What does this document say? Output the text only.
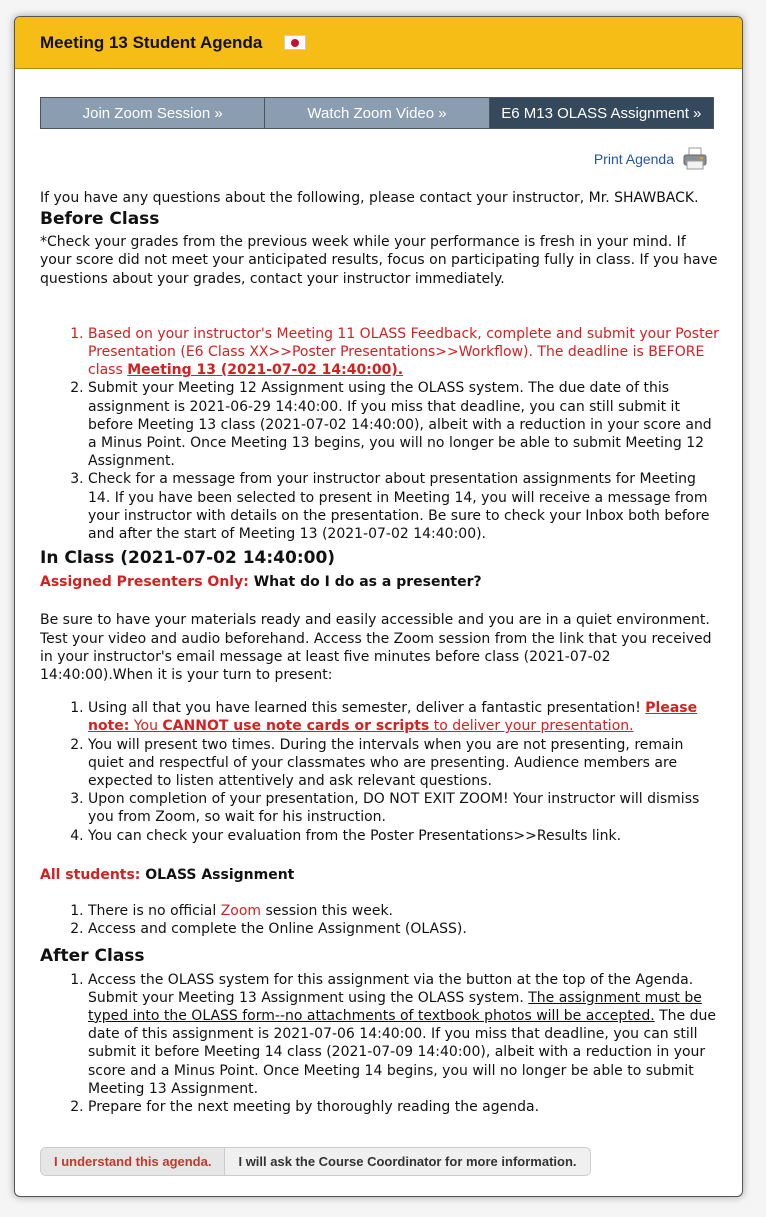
Meeting 13 Student Agenda
Join Zoom Session »	Watch Zoom Video »	E6 M13 OLASS Assignment »
Print Agenda

If you have any questions about the following, please contact your instructor, Mr. SHAWBACK.

Before Class

*Check your grades from the previous week while your performance is fresh in your mind. If your score did not meet your anticipated results, focus on participating fully in class. If you have questions about your grades, contact your instructor immediately.

1. Based on your instructor's Meeting 11 OLASS Feedback, complete and submit your Poster Presentation (E6 Class XX>>Poster Presentations>>Workflow). The deadline is BEFORE class Meeting 13 (2021-07-02 14:40:00).
2. Submit your Meeting 12 Assignment using the OLASS system. The due date of this assignment is 2021-06-29 14:40:00. If you miss that deadline, you can still submit it before Meeting 13 class (2021-07-02 14:40:00), albeit with a reduction in your score and a Minus Point. Once Meeting 13 begins, you will no longer be able to submit Meeting 12 Assignment.
3. Check for a message from your instructor about presentation assignments for Meeting 14. If you have been selected to present in Meeting 14, you will receive a message from your instructor with details on the presentation. Be sure to check your Inbox both before and after the start of Meeting 13 (2021-07-02 14:40:00).
In Class (2021-07-02 14:40:00)

Assigned Presenters Only: What do I do as a presenter?

Be sure to have your materials ready and easily accessible and you are in a quiet environment. Test your video and audio beforehand. Access the Zoom session from the link that you received in your instructor's email message at least five minutes before class (2021-07-02 14:40:00).When it is your turn to present:

1. Using all that you have learned this semester, deliver a fantastic presentation! Please note: You CANNOT use note cards or scripts to deliver your presentation.
2. You will present two times. During the intervals when you are not presenting, remain quiet and respectful of your classmates who are presenting. Audience members are expected to listen attentively and ask relevant questions.
3. Upon completion of your presentation, DO NOT EXIT ZOOM! Your instructor will dismiss you from Zoom, so wait for his instruction.
4. You can check your evaluation from the Poster Presentations>>Results link.

All students: OLASS Assignment

1. There is no official Zoom session this week.
2. Access and complete the Online Assignment (OLASS).
After Class
1. Access the OLASS system for this assignment via the button at the top of the Agenda. Submit your Meeting 13 Assignment using the OLASS system. The assignment must be typed into the OLASS form--no attachments of textbook photos will be accepted. The due date of this assignment is 2021-07-06 14:40:00. If you miss that deadline, you can still submit it before Meeting 14 class (2021-07-09 14:40:00), albeit with a reduction in your score and a Minus Point. Once Meeting 14 begins, you will no longer be able to submit Meeting 13 Assignment.
2. Prepare for the next meeting by thoroughly reading the agenda.
I understand this agenda.	I will ask the Course Coordinator for more information.
